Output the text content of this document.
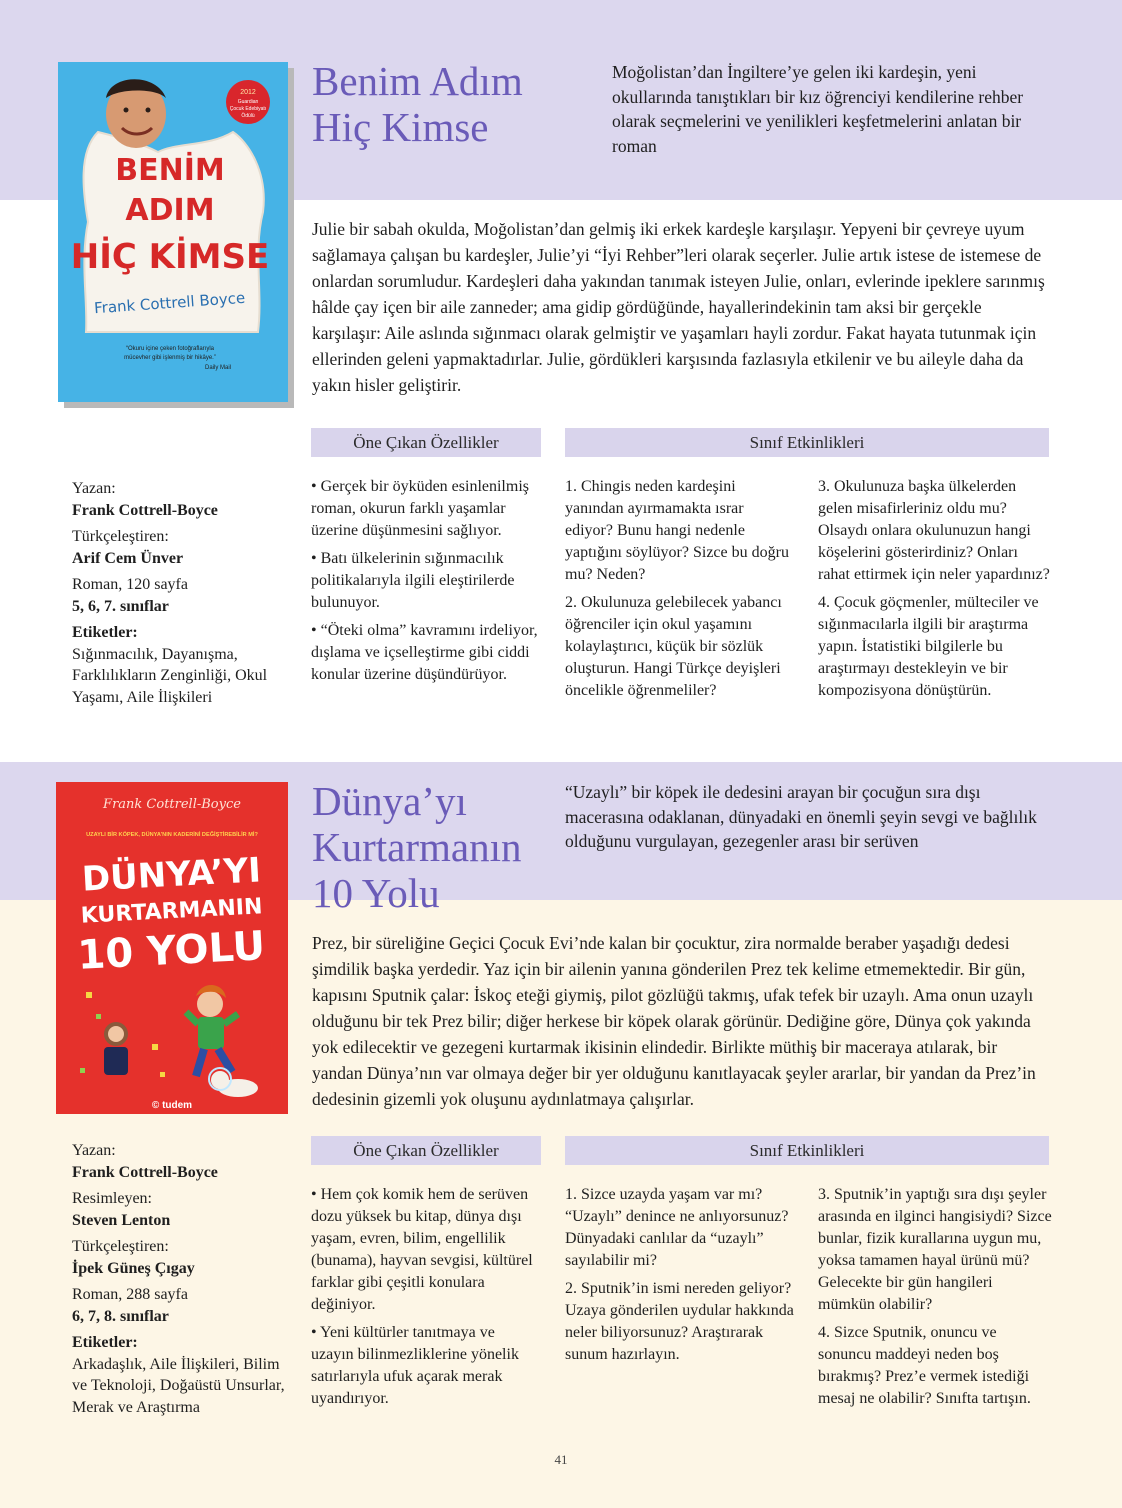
2012
Guardian
Çocuk Edebiyatı
Ödülü
BENİM
ADIM
HİÇ KİMSE
Frank Cottrell Boyce
“Okuru içine çeken fotoğraflarıyla
mücevher gibi işlenmiş bir hikâye.”
Daily Mail
Benim Adım
Hiç Kimse
Moğolistan’dan İngiltere’ye gelen iki kardeşin, yeni okullarında tanıştıkları bir kız öğrenciyi kendilerine rehber olarak seçmelerini ve yenilikleri keşfetmelerini anlatan bir roman
Julie bir sabah okulda, Moğolistan’dan gelmiş iki erkek kardeşle karşılaşır. Yepyeni bir çevreye uyum sağlamaya çalışan bu kardeşler, Julie’yi “İyi Rehber”leri olarak seçerler. Julie artık istese de istemese de onlardan sorumludur. Kardeşleri daha yakından tanımak isteyen Julie, onları, evlerinde ipeklere sarınmış hâlde çay içen bir aile zanneder; ama gidip gördüğünde, hayallerindekinin tam aksi bir gerçekle karşılaşır: Aile aslında sığınmacı olarak gelmiştir ve yaşamları hayli zordur. Fakat hayata tutunmak için ellerinden geleni yapmaktadırlar. Julie, gördükleri karşısında fazlasıyla etkilenir ve bu aileyle daha da yakın hisler geliştirir.
Yazan:
Frank Cottrell-Boyce
Türkçeleştiren:
Arif Cem Ünver
Roman, 120 sayfa
5, 6, 7. sınıflar
Etiketler:
Sığınmacılık, Dayanışma, Farklılıkların Zenginliği, Okul Yaşamı, Aile İlişkileri
Öne Çıkan Özellikler	Sınıf Etkinlikleri

• Gerçek bir öyküden esinlenilmiş roman, okurun farklı yaşamlar üzerine düşünmesini sağlıyor.

• Batı ülkelerinin sığınmacılık politikalarıyla ilgili eleştirilerde bulunuyor.

• “Öteki olma” kavramını irdeliyor, dışlama ve içselleştirme gibi ciddi konular üzerine düşündürüyor.

1. Chingis neden kardeşini yanından ayırmamakta ısrar ediyor? Bunu hangi nedenle yaptığını söylüyor? Sizce bu doğru mu? Neden?

2. Okulunuza gelebilecek yabancı öğrenciler için okul yaşamını kolaylaştırıcı, küçük bir sözlük oluşturun. Hangi Türkçe deyişleri öncelikle öğrenmeliler?

3. Okulunuza başka ülkelerden gelen misafirleriniz oldu mu? Olsaydı onlara okulunuzun hangi köşelerini gösterirdiniz? Onları rahat ettirmek için neler yapardınız?

4. Çocuk göçmenler, mülteciler ve sığınmacılarla ilgili bir araştırma yapın. İstatistiki bilgilerle bu araştırmayı destekleyin ve bir kompozisyona dönüştürün.

Frank Cottrell-Boyce
UZAYLI BİR KÖPEK, DÜNYA’NIN KADERİNİ DEĞİŞTİREBİLİR Mİ?
DÜNYA’YI
KURTARMANIN
10 YOLU
© tudem
Dünya’yı
Kurtarmanın
10 Yolu
“Uzaylı” bir köpek ile dedesini arayan bir çocuğun sıra dışı macerasına odaklanan, dünyadaki en önemli şeyin sevgi ve bağlılık olduğunu vurgulayan, gezegenler arası bir serüven
Prez, bir süreliğine Geçici Çocuk Evi’nde kalan bir çocuktur, zira normalde beraber yaşadığı dedesi şimdilik başka yerdedir. Yaz için bir ailenin yanına gönderilen Prez tek kelime etmemektedir. Bir gün, kapısını Sputnik çalar: İskoç eteği giymiş, pilot gözlüğü takmış, ufak tefek bir uzaylı. Ama onun uzaylı olduğunu bir tek Prez bilir; diğer herkese bir köpek olarak görünür. Dediğine göre, Dünya çok yakında yok edilecektir ve gezegeni kurtarmak ikisinin elindedir. Birlikte müthiş bir maceraya atılarak, bir yandan Dünya’nın var olmaya değer bir yer olduğunu kanıtlayacak şeyler ararlar, bir yandan da Prez’in dedesinin gizemli yok oluşunu aydınlatmaya çalışırlar.
Yazan:
Frank Cottrell-Boyce
Resimleyen:
Steven Lenton
Türkçeleştiren:
İpek Güneş Çıgay
Roman, 288 sayfa
6, 7, 8. sınıflar
Etiketler:
Arkadaşlık, Aile İlişkileri, Bilim ve Teknoloji, Doğaüstü Unsurlar, Merak ve Araştırma
Öne Çıkan Özellikler	Sınıf Etkinlikleri

• Hem çok komik hem de serüven dozu yüksek bu kitap, dünya dışı yaşam, evren, bilim, engellilik (bunama), hayvan sevgisi, kültürel farklar gibi çeşitli konulara değiniyor.

• Yeni kültürler tanıtmaya ve uzayın bilinmezliklerine yönelik satırlarıyla ufuk açarak merak uyandırıyor.

1. Sizce uzayda yaşam var mı? “Uzaylı” denince ne anlıyorsunuz? Dünyadaki canlılar da “uzaylı” sayılabilir mi?

2. Sputnik’in ismi nereden geliyor? Uzaya gönderilen uydular hakkında neler biliyorsunuz? Araştırarak sunum hazırlayın.

3. Sputnik’in yaptığı sıra dışı şeyler arasında en ilginci hangisiydi? Sizce bunlar, fizik kurallarına uygun mu, yoksa tamamen hayal ürünü mü? Gelecekte bir gün hangileri mümkün olabilir?

4. Sizce Sputnik, onuncu ve sonuncu maddeyi neden boş bırakmış? Prez’e vermek istediği mesaj ne olabilir? Sınıfta tartışın.

41
